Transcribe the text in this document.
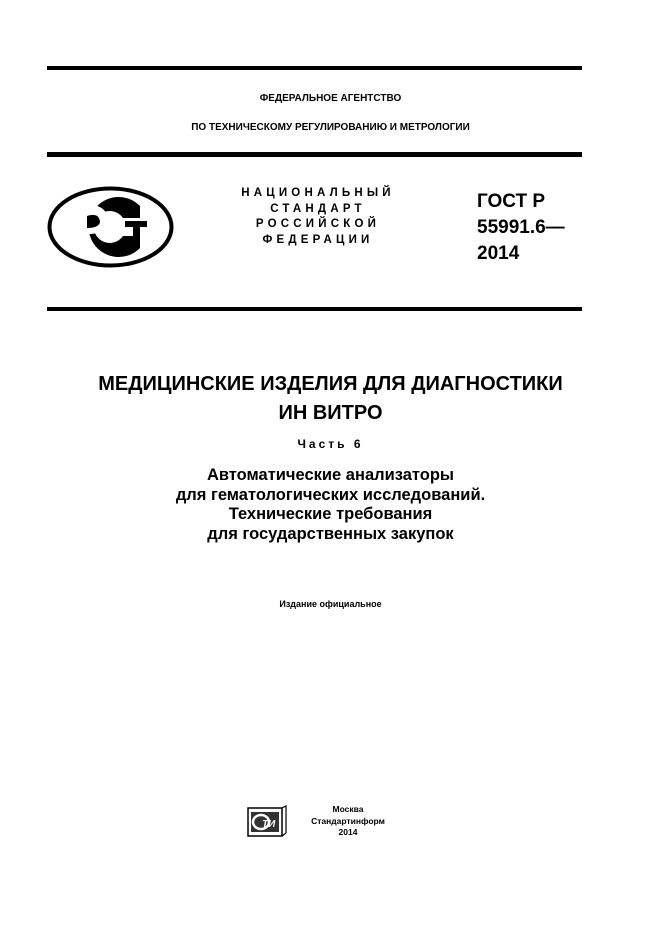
ФЕДЕРАЛЬНОЕ АГЕНТСТВО
ПО ТЕХНИЧЕСКОМУ РЕГУЛИРОВАНИЮ И МЕТРОЛОГИИ
НАЦИОНАЛЬНЫЙ
СТАНДАРТ
РОССИЙСКОЙ
ФЕДЕРАЦИИ
ГОСТ Р
55991.6—
2014
МЕДИЦИНСКИЕ ИЗДЕЛИЯ ДЛЯ ДИАГНОСТИКИ
ИН ВИТРО
Часть 6
Автоматические анализаторы
для гематологических исследований.
Технические требования
для государственных закупок
Издание официальное
ТИ
Москва
Стандартинформ
2014
